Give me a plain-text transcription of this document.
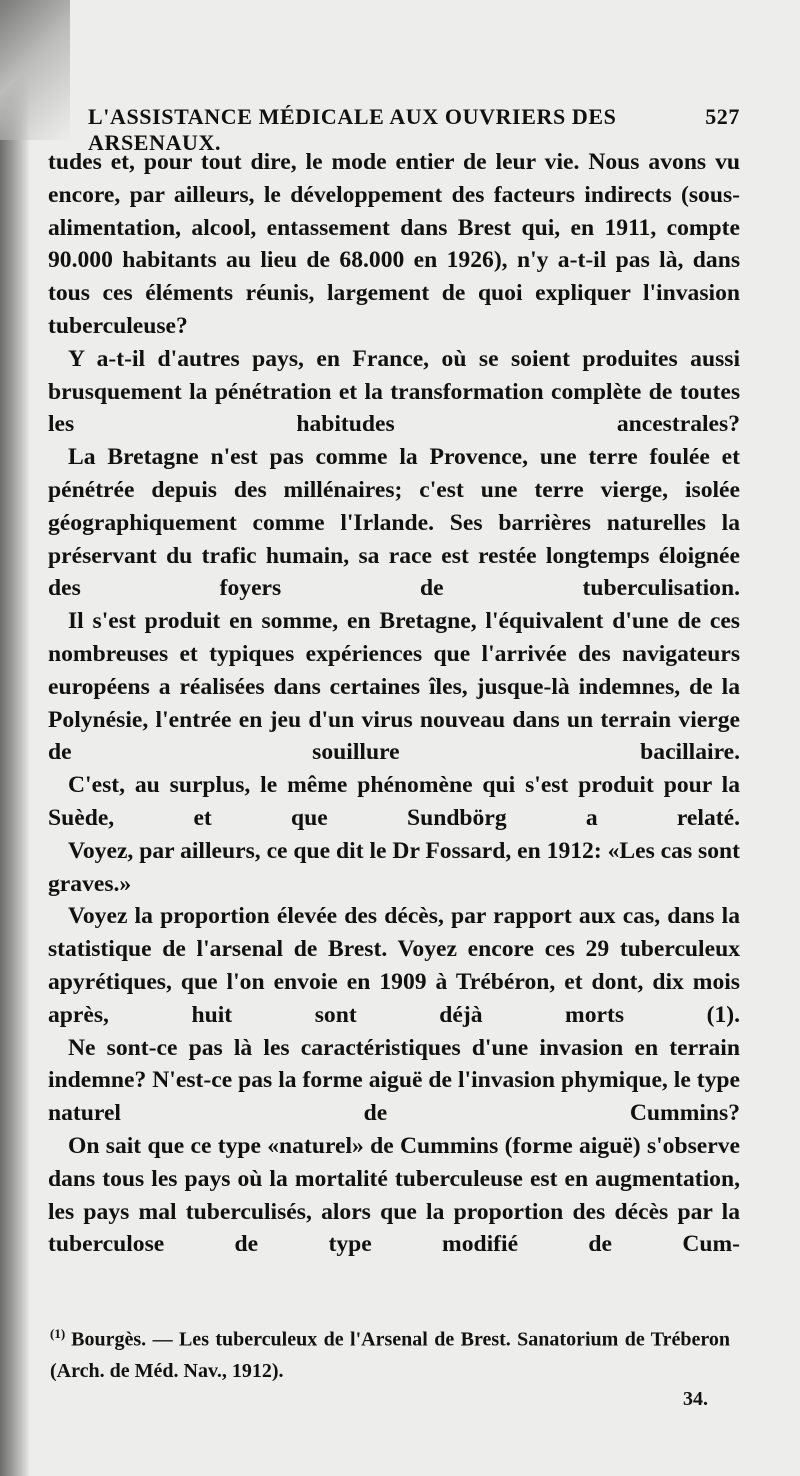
L'ASSISTANCE MÉDICALE AUX OUVRIERS DES ARSENAUX.
527

tudes et, pour tout dire, le mode entier de leur vie. Nous avons vu encore, par ailleurs, le développement des facteurs indirects (sous-alimentation, alcool, entassement dans Brest qui, en 1911, compte 90.000 habitants au lieu de 68.000 en 1926), n'y a-t-il pas là, dans tous ces éléments réunis, largement de quoi expliquer l'invasion tuberculeuse?

Y a-t-il d'autres pays, en France, où se soient produites aussi brusquement la pénétration et la transformation complète de toutes les habitudes ancestrales?

La Bretagne n'est pas comme la Provence, une terre foulée et pénétrée depuis des millénaires; c'est une terre vierge, isolée géographiquement comme l'Irlande. Ses barrières naturelles la préservant du trafic humain, sa race est restée longtemps éloignée des foyers de tuberculisation.

Il s'est produit en somme, en Bretagne, l'équivalent d'une de ces nombreuses et typiques expériences que l'arrivée des navigateurs européens a réalisées dans certaines îles, jusque-là indemnes, de la Polynésie, l'entrée en jeu d'un virus nouveau dans un terrain vierge de souillure bacillaire.

C'est, au surplus, le même phénomène qui s'est produit pour la Suède, et que Sundbörg a relaté.

Voyez, par ailleurs, ce que dit le Dr Fossard, en 1912: «Les cas sont graves.»

Voyez la proportion élevée des décès, par rapport aux cas, dans la statistique de l'arsenal de Brest. Voyez encore ces 29 tuberculeux apyrétiques, que l'on envoie en 1909 à Trébéron, et dont, dix mois après, huit sont déjà morts (1).

Ne sont-ce pas là les caractéristiques d'une invasion en terrain indemne? N'est-ce pas la forme aiguë de l'invasion phymique, le type naturel de Cummins?

On sait que ce type «naturel» de Cummins (forme aiguë) s'observe dans tous les pays où la mortalité tuberculeuse est en augmentation, les pays mal tuberculisés, alors que la proportion des décès par la tuberculose de type modifié de Cum-

$^{(1)}$ Bourgès. — Les tuberculeux de l'Arsenal de Brest. Sanatorium de Tréberon (Arch. de Méd. Nav., 1912).

34.
